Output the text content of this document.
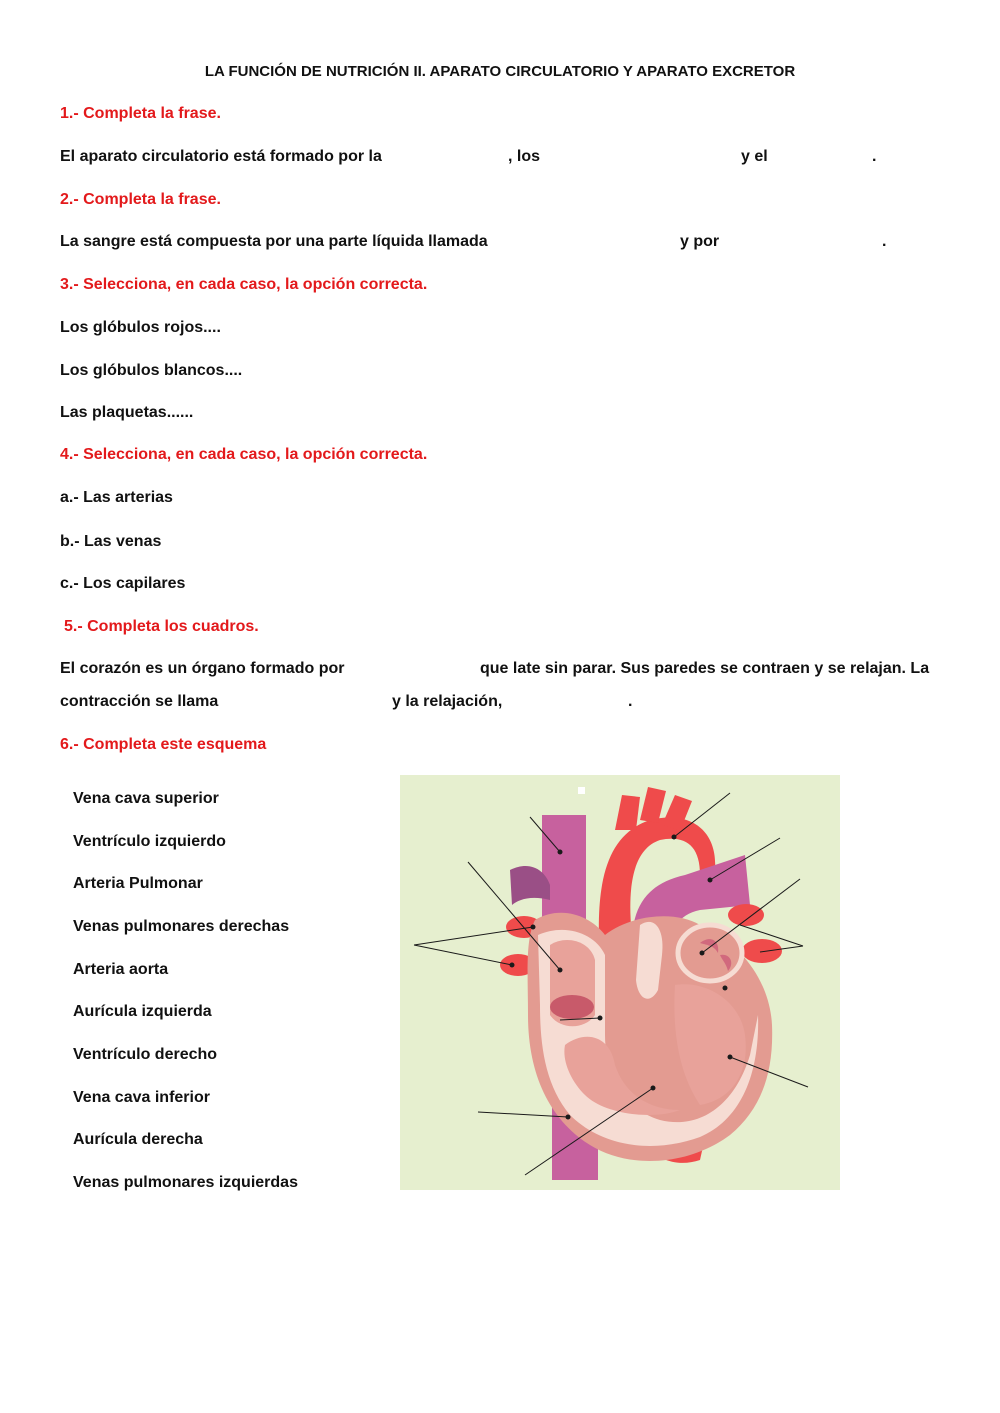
LA FUNCIÓN DE NUTRICIÓN II. APARATO CIRCULATORIO Y APARATO EXCRETOR
1.- Completa la frase.
El aparato circulatorio está formado por la	, los	y el	.
2.- Completa la frase.
La sangre está compuesta por una parte líquida llamada	y por	.
3.- Selecciona, en cada caso, la opción correcta.
Los glóbulos rojos....
Los glóbulos blancos....
Las plaquetas......
4.- Selecciona, en cada caso, la opción correcta.
a.- Las arterias
b.- Las venas
c.- Los capilares
5.- Completa los cuadros.
El corazón es un órgano formado por	que late sin parar. Sus paredes se contraen y se relajan. La
contracción se llama	y la relajación,	.
6.- Completa este esquema
Vena cava superior
Ventrículo izquierdo
Arteria Pulmonar
Venas pulmonares derechas
Arteria aorta
Aurícula izquierda
Ventrículo derecho
Vena cava inferior
Aurícula derecha
Venas pulmonares izquierdas
